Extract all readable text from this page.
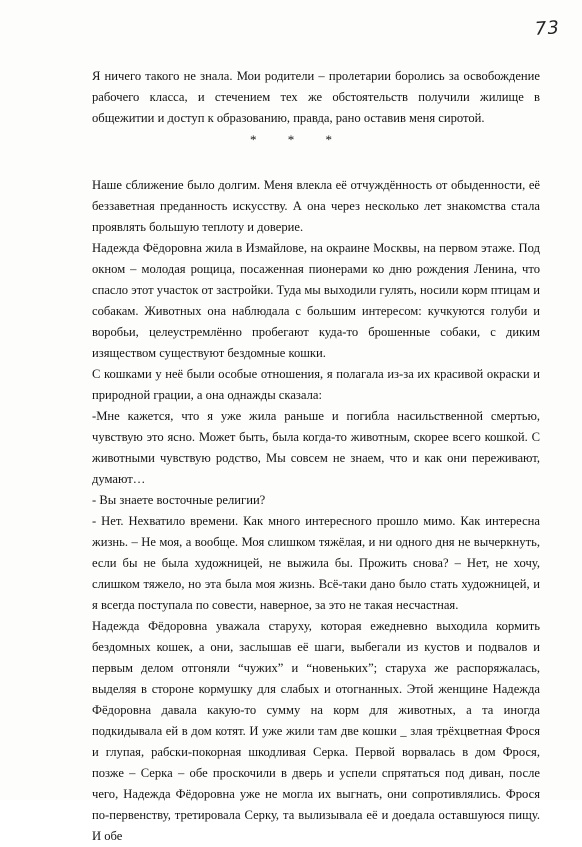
73

Я ничего такого не знала. Мои родители – пролетарии боролись за освобождение рабочего класса, и стечением тех же обстоятельств получили жилище в общежитии и доступ к образованию, правда, рано оставив меня сиротой.

* * *

Наше сближение было долгим. Меня влекла её отчуждённость от обыденности, её беззаветная преданность искусству. А она через несколько лет знакомства стала проявлять большую теплоту и доверие.

Надежда Фёдоровна жила в Измайлове, на окраине Москвы, на первом этаже. Под окном – молодая рощица, посаженная пионерами ко дню рождения Ленина, что спасло этот участок от застройки. Туда мы выходили гулять, носили корм птицам и собакам. Животных она наблюдала с большим интересом: кучкуются голуби и воробьи, целеустремлённо пробегают куда-то брошенные собаки, с диким изяществом существуют бездомные кошки.

С кошками у неё были особые отношения, я полагала из-за их красивой окраски и природной грации, а она однажды сказала:

-Мне кажется, что я уже жила раньше и погибла насильственной смертью, чувствую это ясно. Может быть, была когда-то животным, скорее всего кошкой. С животными чувствую родство, Мы совсем не знаем, что и как они переживают, думают…

- Вы знаете восточные религии?

- Нет. Нехватило времени. Как много интересного прошло мимо. Как интересна жизнь. – Не моя, а вообще. Моя слишком тяжёлая, и ни одного дня не вычеркнуть, если бы не была художницей, не выжила бы. Прожить снова? – Нет, не хочу, слишком тяжело, но эта была моя жизнь. Всё-таки дано было стать художницей, и я всегда поступала по совести, наверное, за это не такая несчастная.

Надежда Фёдоровна уважала старуху, которая ежедневно выходила кормить бездомных кошек, а они, заслышав её шаги, выбегали из кустов и подвалов и первым делом отгоняли “чужих” и “новеньких”; старуха же распоряжалась, выделяя в стороне кормушку для слабых и отогнанных. Этой женщине Надежда Фёдоровна давала какую-то сумму на корм для животных, а та иногда подкидывала ей в дом котят. И уже жили там две кошки _ злая трёхцветная Фрося и глупая, рабски-покорная шкодливая Серка. Первой ворвалась в дом Фрося, позже – Серка – обе проскочили в дверь и успели спрятаться под диван, после чего, Надежда Фёдоровна уже не могла их выгнать, они сопротивлялись. Фрося по-первенству, третировала Серку, та вылизывала её и доедала оставшуюся пищу. И обе
